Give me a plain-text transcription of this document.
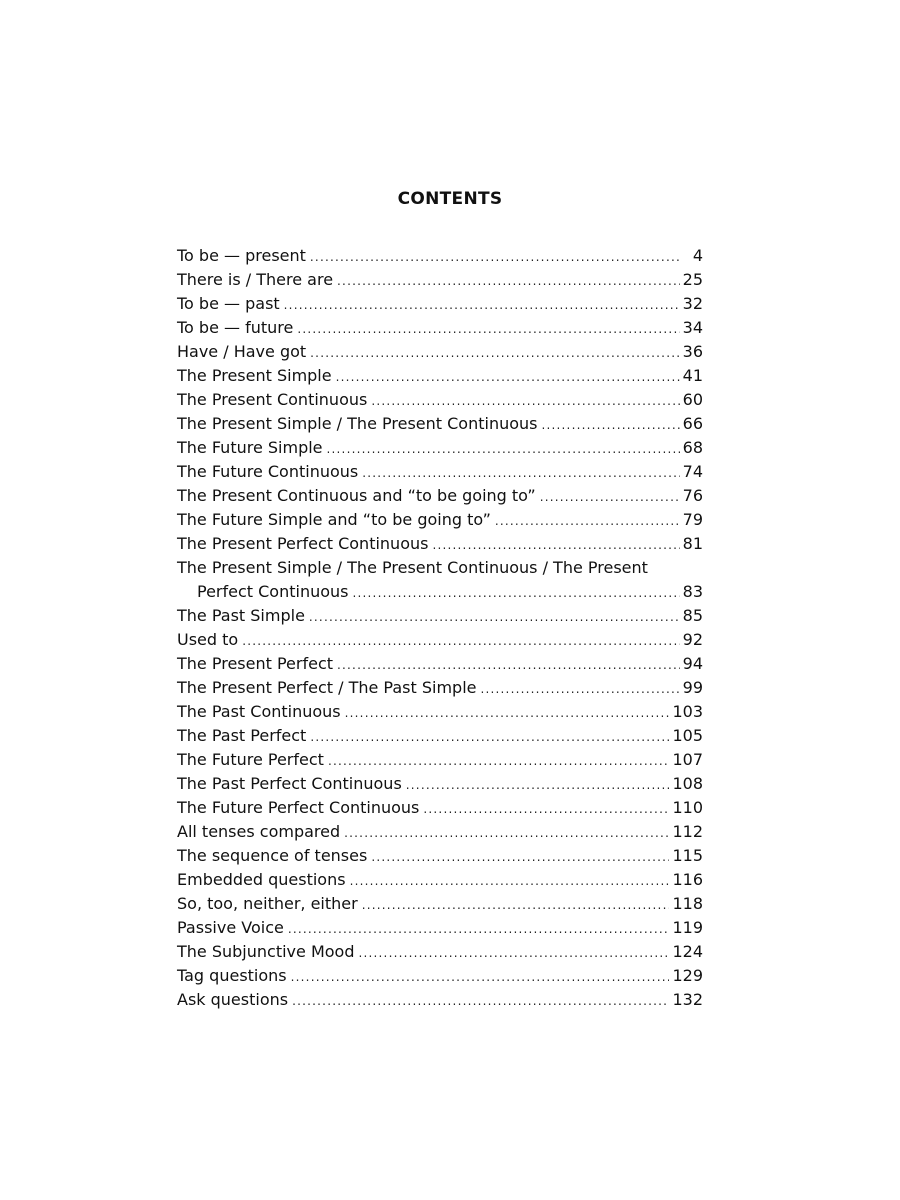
CONTENTS
To be — present .....	4
There is / There are .....	25
To be — past .....	32
To be — future .....	34
Have / Have got .....	36
The Present Simple .....	41
The Present Continuous .....	60
The Present Simple / The Present Continuous .....	66
The Future Simple .....	68
The Future Continuous .....	74
The Present Continuous and “to be going to” .....	76
The Future Simple and “to be going to” .....	79
The Present Perfect Continuous .....	81
The Present Simple / The Present Continuous / The Present
Perfect Continuous .....	83
The Past Simple .....	85
Used to .....	92
The Present Perfect .....	94
The Present Perfect / The Past Simple .....	99
The Past Continuous .....	103
The Past Perfect .....	105
The Future Perfect .....	107
The Past Perfect Continuous .....	108
The Future Perfect Continuous .....	110
All tenses compared .....	112
The sequence of tenses .....	115
Embedded questions .....	116
So, too, neither, either .....	118
Passive Voice .....	119
The Subjunctive Mood .....	124
Tag questions .....	129
Ask questions .....	132
